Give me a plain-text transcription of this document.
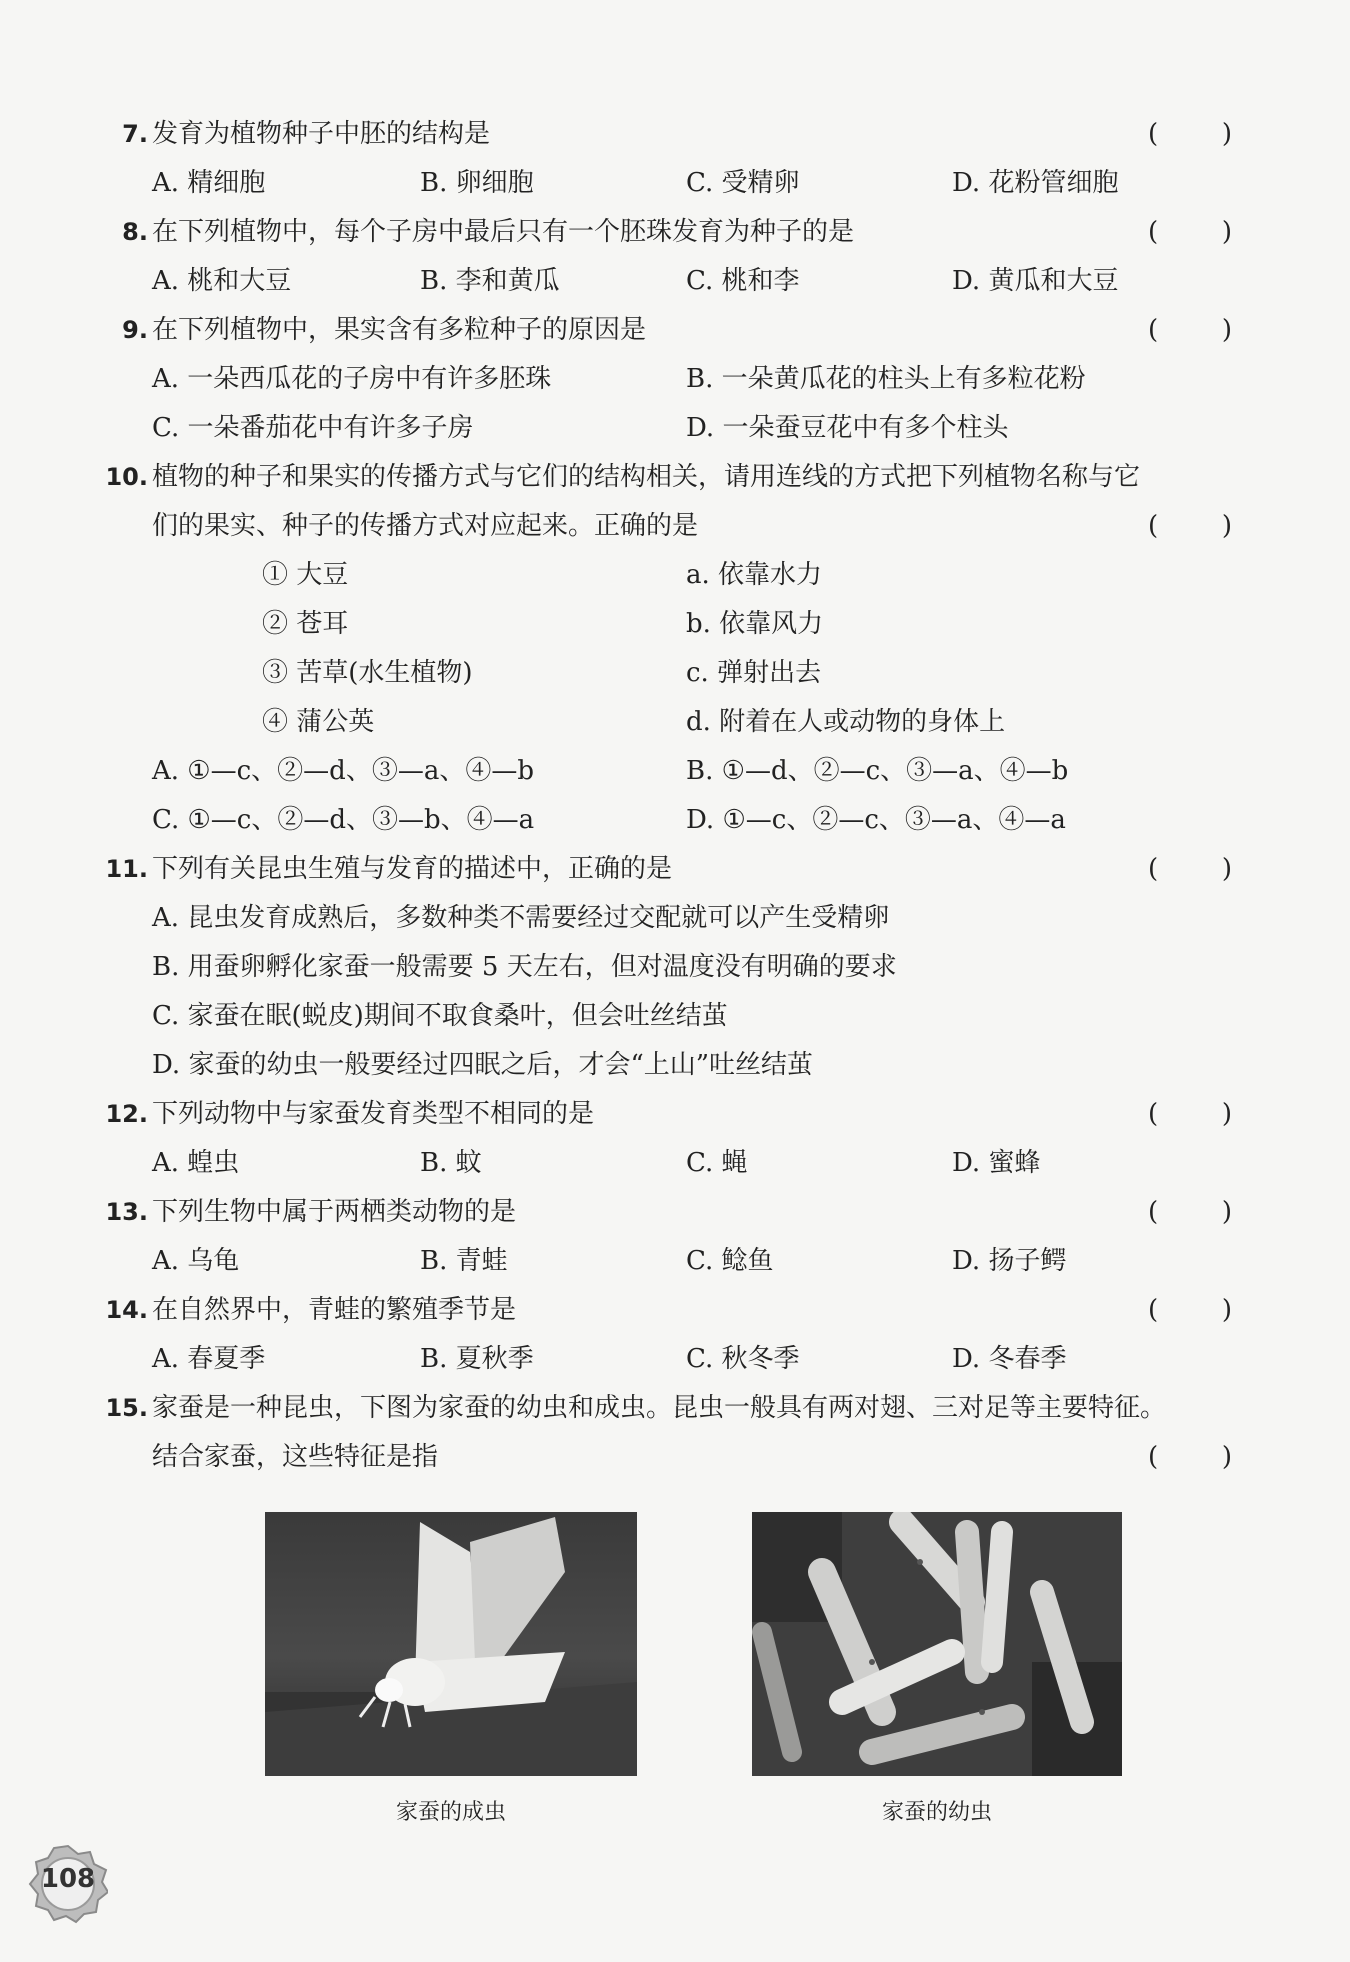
7. 发育为植物种子中胚的结构是	( )
A. 精细胞	B. 卵细胞	C. 受精卵	D. 花粉管细胞
8. 在下列植物中，每个子房中最后只有一个胚珠发育为种子的是	( )
A. 桃和大豆	B. 李和黄瓜	C. 桃和李	D. 黄瓜和大豆
9. 在下列植物中，果实含有多粒种子的原因是	( )
A. 一朵西瓜花的子房中有许多胚珠	B. 一朵黄瓜花的柱头上有多粒花粉
C. 一朵番茄花中有许多子房	D. 一朵蚕豆花中有多个柱头
10. 植物的种子和果实的传播方式与它们的结构相关，请用连线的方式把下列植物名称与它
们的果实、种子的传播方式对应起来。正确的是	( )
① 大豆	a. 依靠水力
② 苍耳	b. 依靠风力
③ 苦草(水生植物)	c. 弹射出去
④ 蒲公英	d. 附着在人或动物的身体上
A. ①—c、②—d、③—a、④—b	B. ①—d、②—c、③—a、④—b
C. ①—c、②—d、③—b、④—a	D. ①—c、②—c、③—a、④—a
11. 下列有关昆虫生殖与发育的描述中，正确的是	( )
A. 昆虫发育成熟后，多数种类不需要经过交配就可以产生受精卵
B. 用蚕卵孵化家蚕一般需要 5 天左右，但对温度没有明确的要求
C. 家蚕在眠(蜕皮)期间不取食桑叶，但会吐丝结茧
D. 家蚕的幼虫一般要经过四眠之后，才会“上山”吐丝结茧
12. 下列动物中与家蚕发育类型不相同的是	( )
A. 蝗虫	B. 蚊	C. 蝇	D. 蜜蜂
13. 下列生物中属于两栖类动物的是	( )
A. 乌龟	B. 青蛙	C. 鲶鱼	D. 扬子鳄
14. 在自然界中，青蛙的繁殖季节是	( )
A. 春夏季	B. 夏秋季	C. 秋冬季	D. 冬春季
15. 家蚕是一种昆虫，下图为家蚕的幼虫和成虫。昆虫一般具有两对翅、三对足等主要特征。
结合家蚕，这些特征是指	( )
家蚕的成虫	家蚕的幼虫
108
